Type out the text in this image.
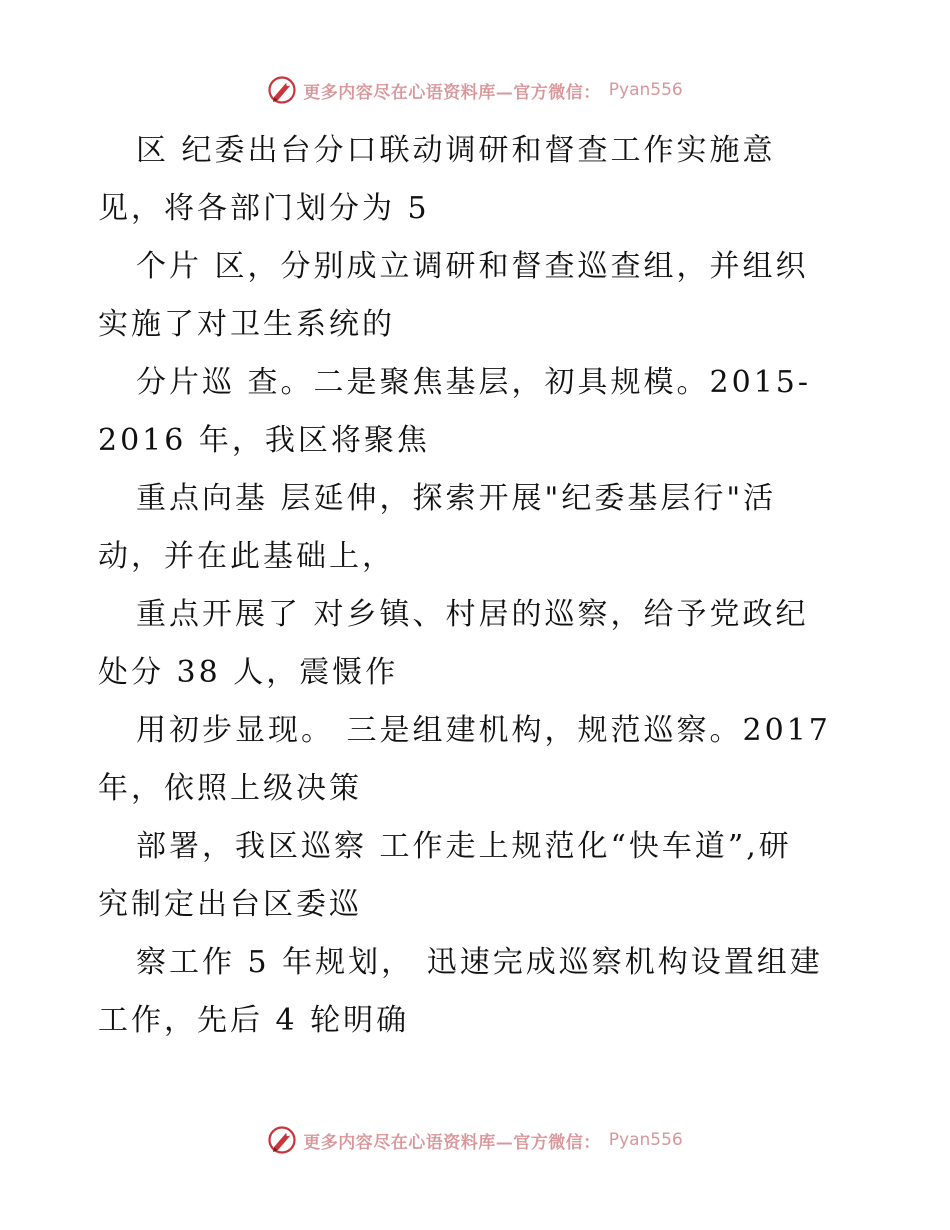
更多内容尽在心语资料库—官方微信： Pyan556
区 纪委出台分口联动调研和督查工作实施意
见，将各部门划分为 5
个片 区，分别成立调研和督查巡查组，并组织
实施了对卫生系统的
分片巡 查。二是聚焦基层，初具规模。2015-
2016 年，我区将聚焦
重点向基 层延伸，探索开展"纪委基层行"活
动，并在此基础上，
重点开展了 对乡镇、村居的巡察，给予党政纪
处分 38 人，震慑作
用初步显现。 三是组建机构，规范巡察。2017
年，依照上级决策
部署，我区巡察 工作走上规范化“快车道”,研
究制定出台区委巡
察工作 5 年规划， 迅速完成巡察机构设置组建
工作，先后 4 轮明确
更多内容尽在心语资料库—官方微信： Pyan556
